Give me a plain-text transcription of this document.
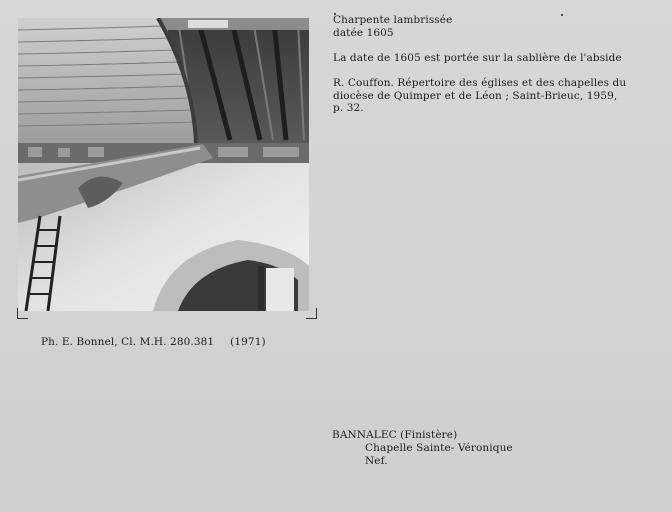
Charpente lambrissée
datée 1605
La date de 1605 est portée sur la sablière de l'abside
R. Couffon. Répertoire des églises et des chapelles du
diocèse de Quimper et de Léon ; Saint-Brieuc, 1959,
p. 32.
Ph. E. Bonnel, Cl. M.H. 280.381 (1971)
BANNALEC (Finistère)
Chapelle Sainte- Véronique
Nef.
